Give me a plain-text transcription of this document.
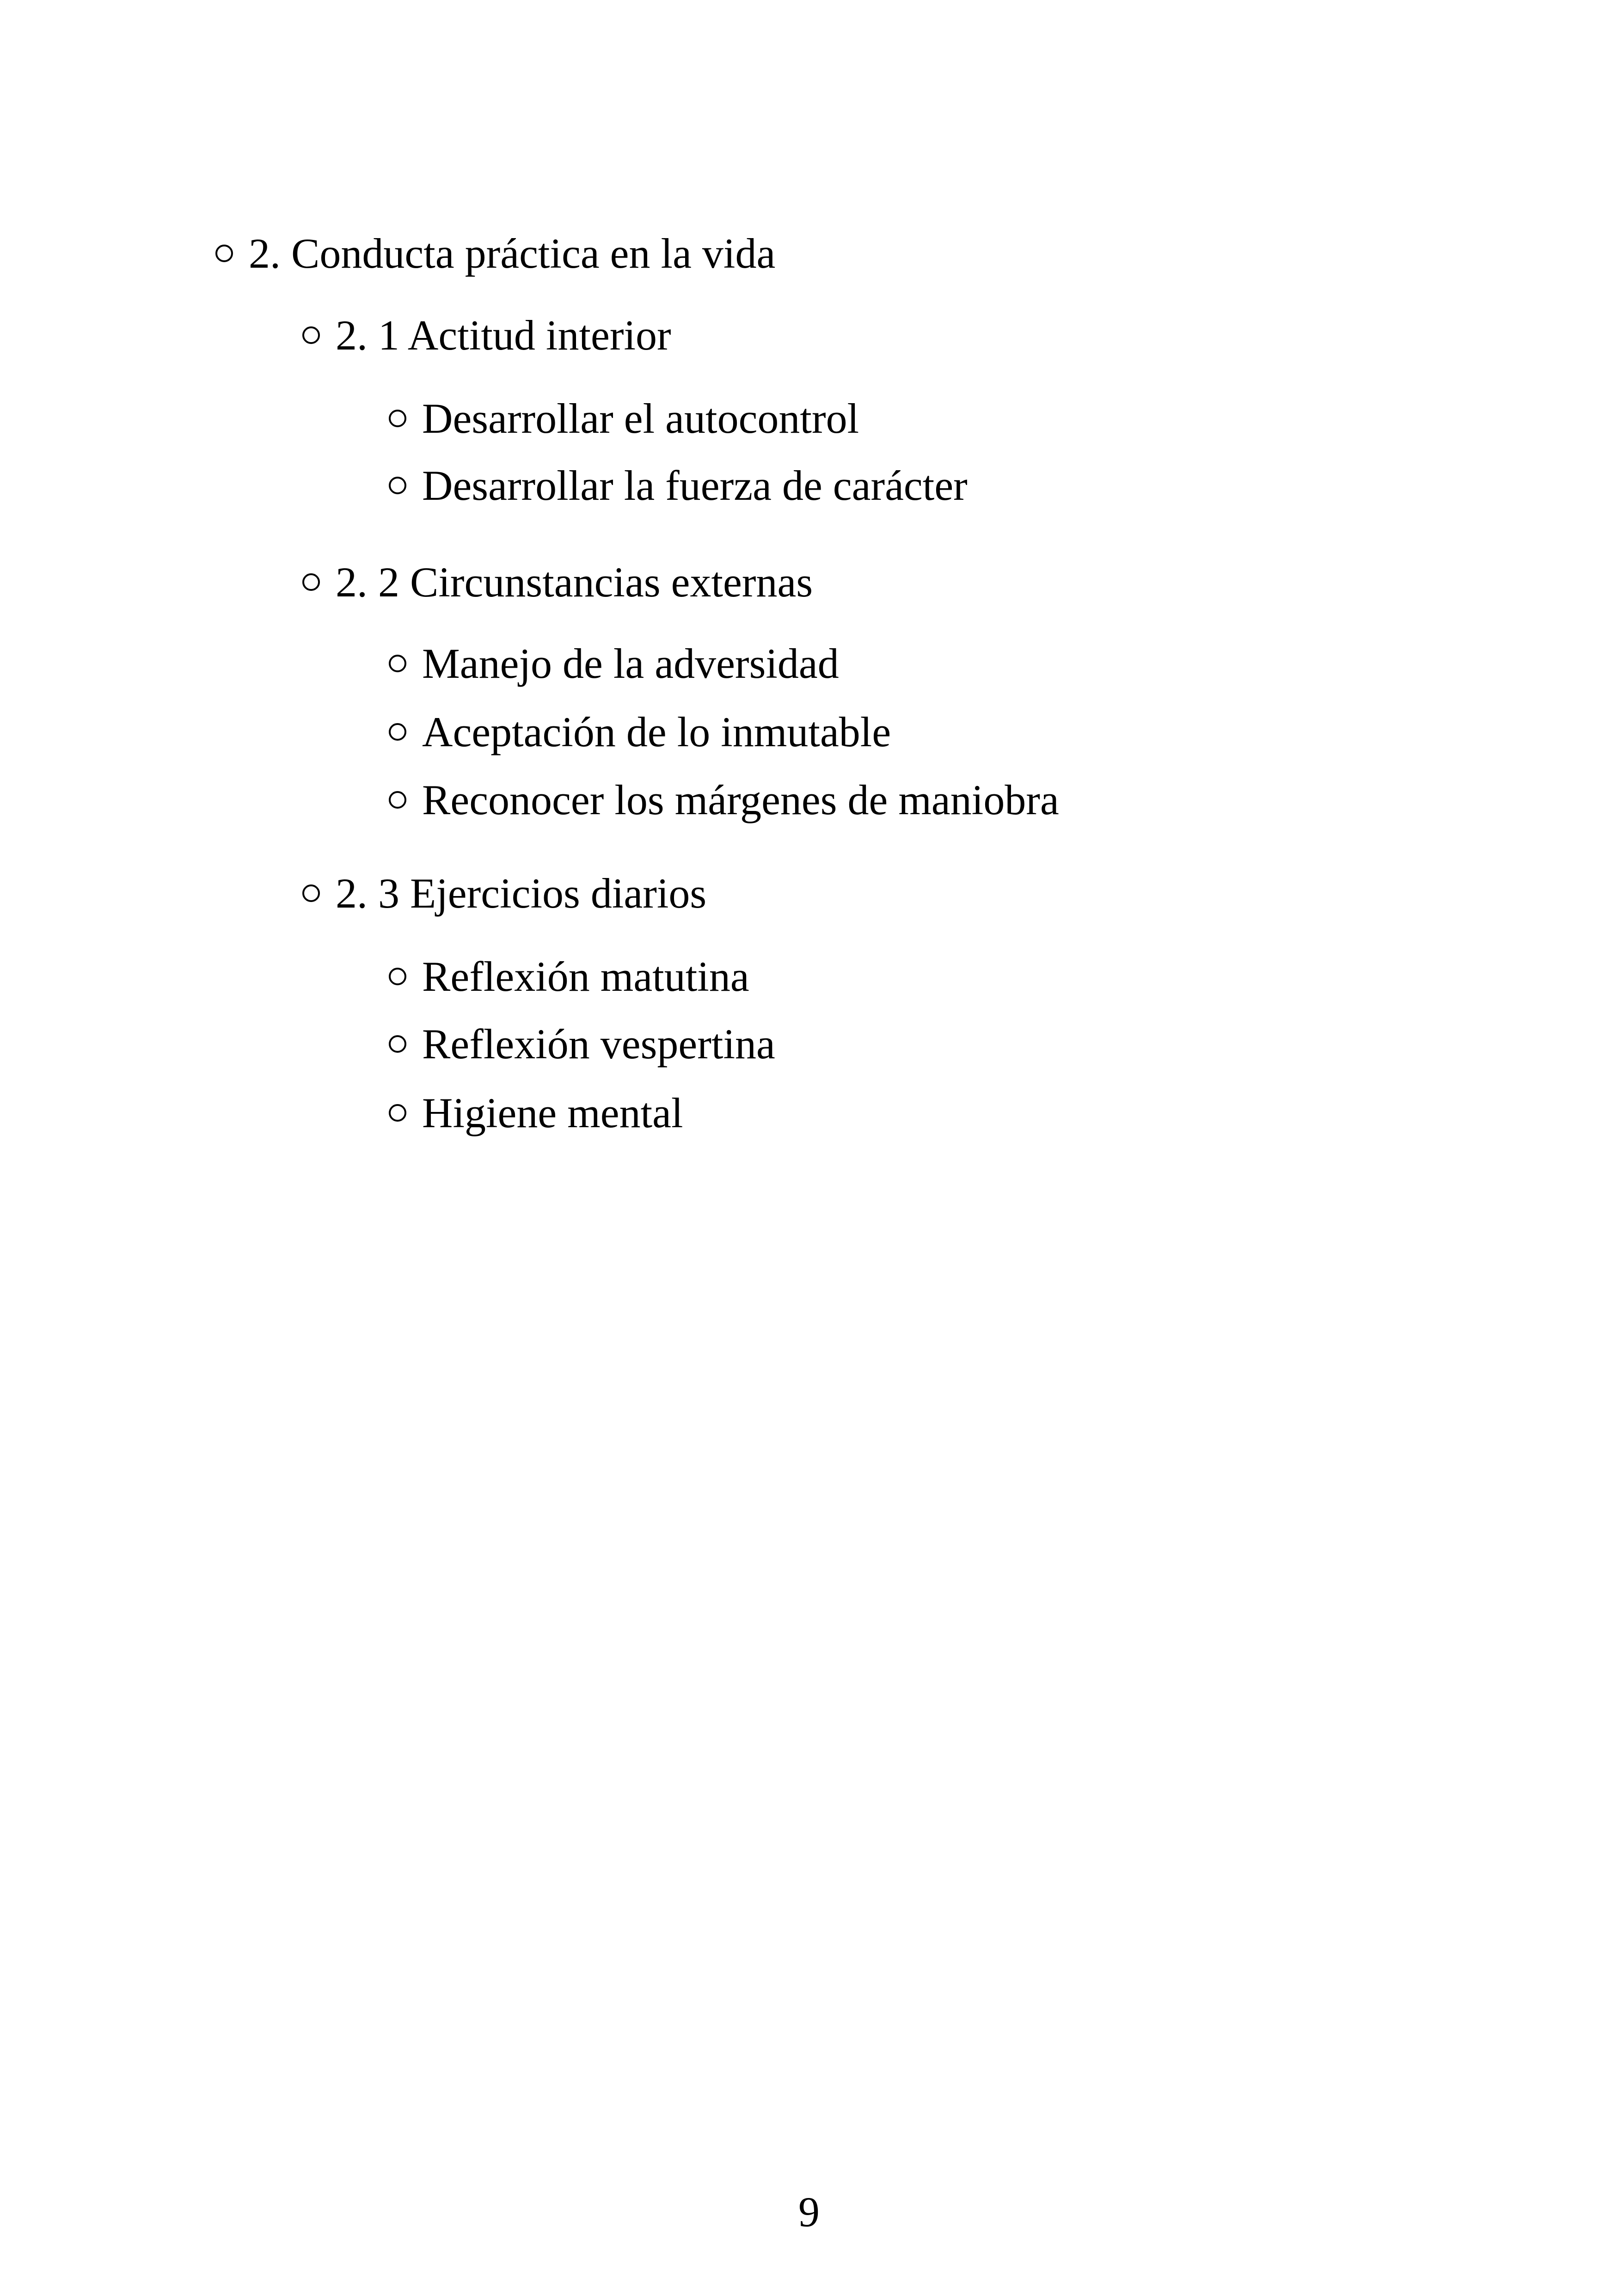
2. Conducta práctica en la vida
2. 1 Actitud interior
Desarrollar el autocontrol
Desarrollar la fuerza de carácter
2. 2 Circunstancias externas
Manejo de la adversidad
Aceptación de lo inmutable
Reconocer los márgenes de maniobra
2. 3 Ejercicios diarios
Reflexión matutina
Reflexión vespertina
Higiene mental
9
